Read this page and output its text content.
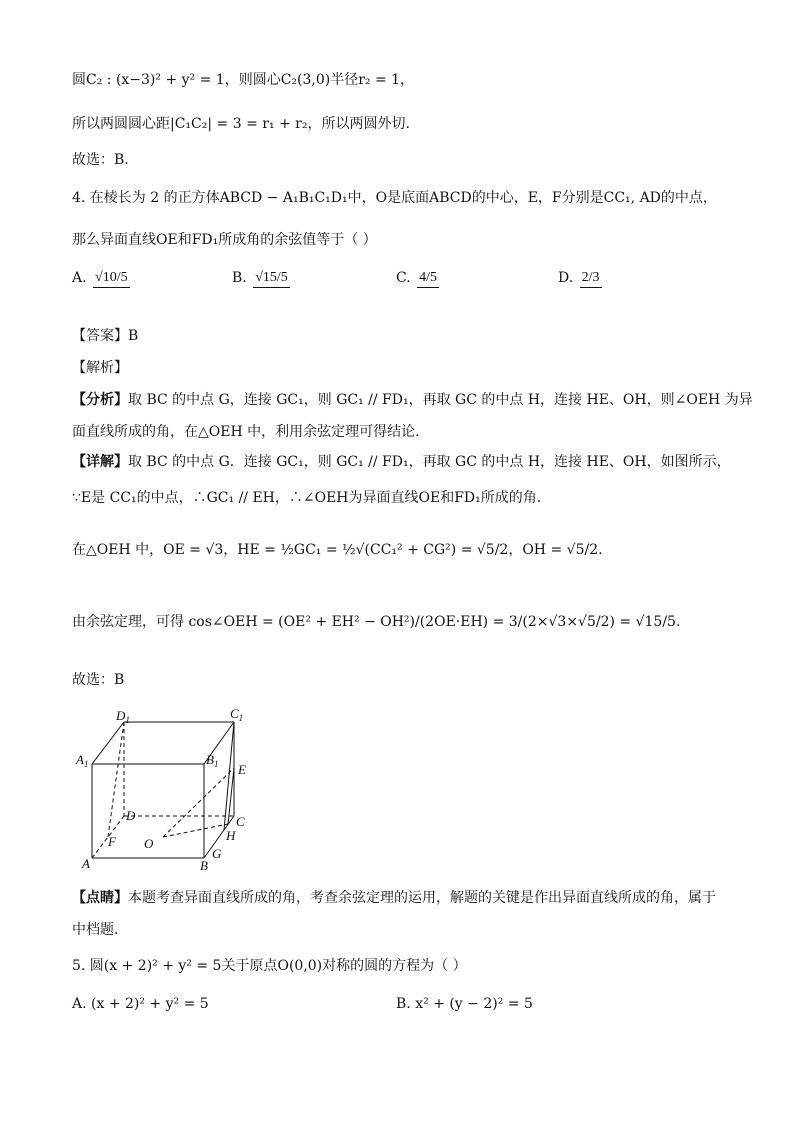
圆C₂ : (x−3)² + y² = 1，则圆心C₂(3,0)半径r₂ = 1，
所以两圆圆心距|C₁C₂| = 3 = r₁ + r₂，所以两圆外切.
故选：B.
4. 在棱长为 2 的正方体ABCD − A₁B₁C₁D₁中，O是底面ABCD的中心，E，F分别是CC₁, AD的中点，
那么异面直线OE和FD₁所成角的余弦值等于（ ）
A. √10/5	B. √15/5	C. 4/5	D. 2/3
【答案】B
【解析】
【分析】取 BC 的中点 G，连接 GC₁，则 GC₁ // FD₁，再取 GC 的中点 H，连接 HE、OH，则∠OEH 为异
面直线所成的角，在△OEH 中，利用余弦定理可得结论.
【详解】取 BC 的中点 G．连接 GC₁，则 GC₁ // FD₁，再取 GC 的中点 H，连接 HE、OH，如图所示，
∵E是 CC₁的中点，∴GC₁ // EH，∴∠OEH为异面直线OE和FD₁所成的角.
在△OEH 中，OE = √3，HE = ½GC₁ = ½√(CC₁² + CG²) = √5/2，OH = √5/2.
由余弦定理，可得 cos∠OEH = (OE² + EH² − OH²)/(2OE·EH) = 3/(2×√3×√5/2) = √15/5.
故选：B
$D_1$	$C_1$
$A_1$	$B_1$ E
D	C
H
F O
A	B
G
【点睛】本题考查异面直线所成的角，考查余弦定理的运用，解题的关键是作出异面直线所成的角，属于
中档题.
5. 圆(x + 2)² + y² = 5关于原点O(0,0)对称的圆的方程为（ ）
A. (x + 2)² + y² = 5	B. x² + (y − 2)² = 5
